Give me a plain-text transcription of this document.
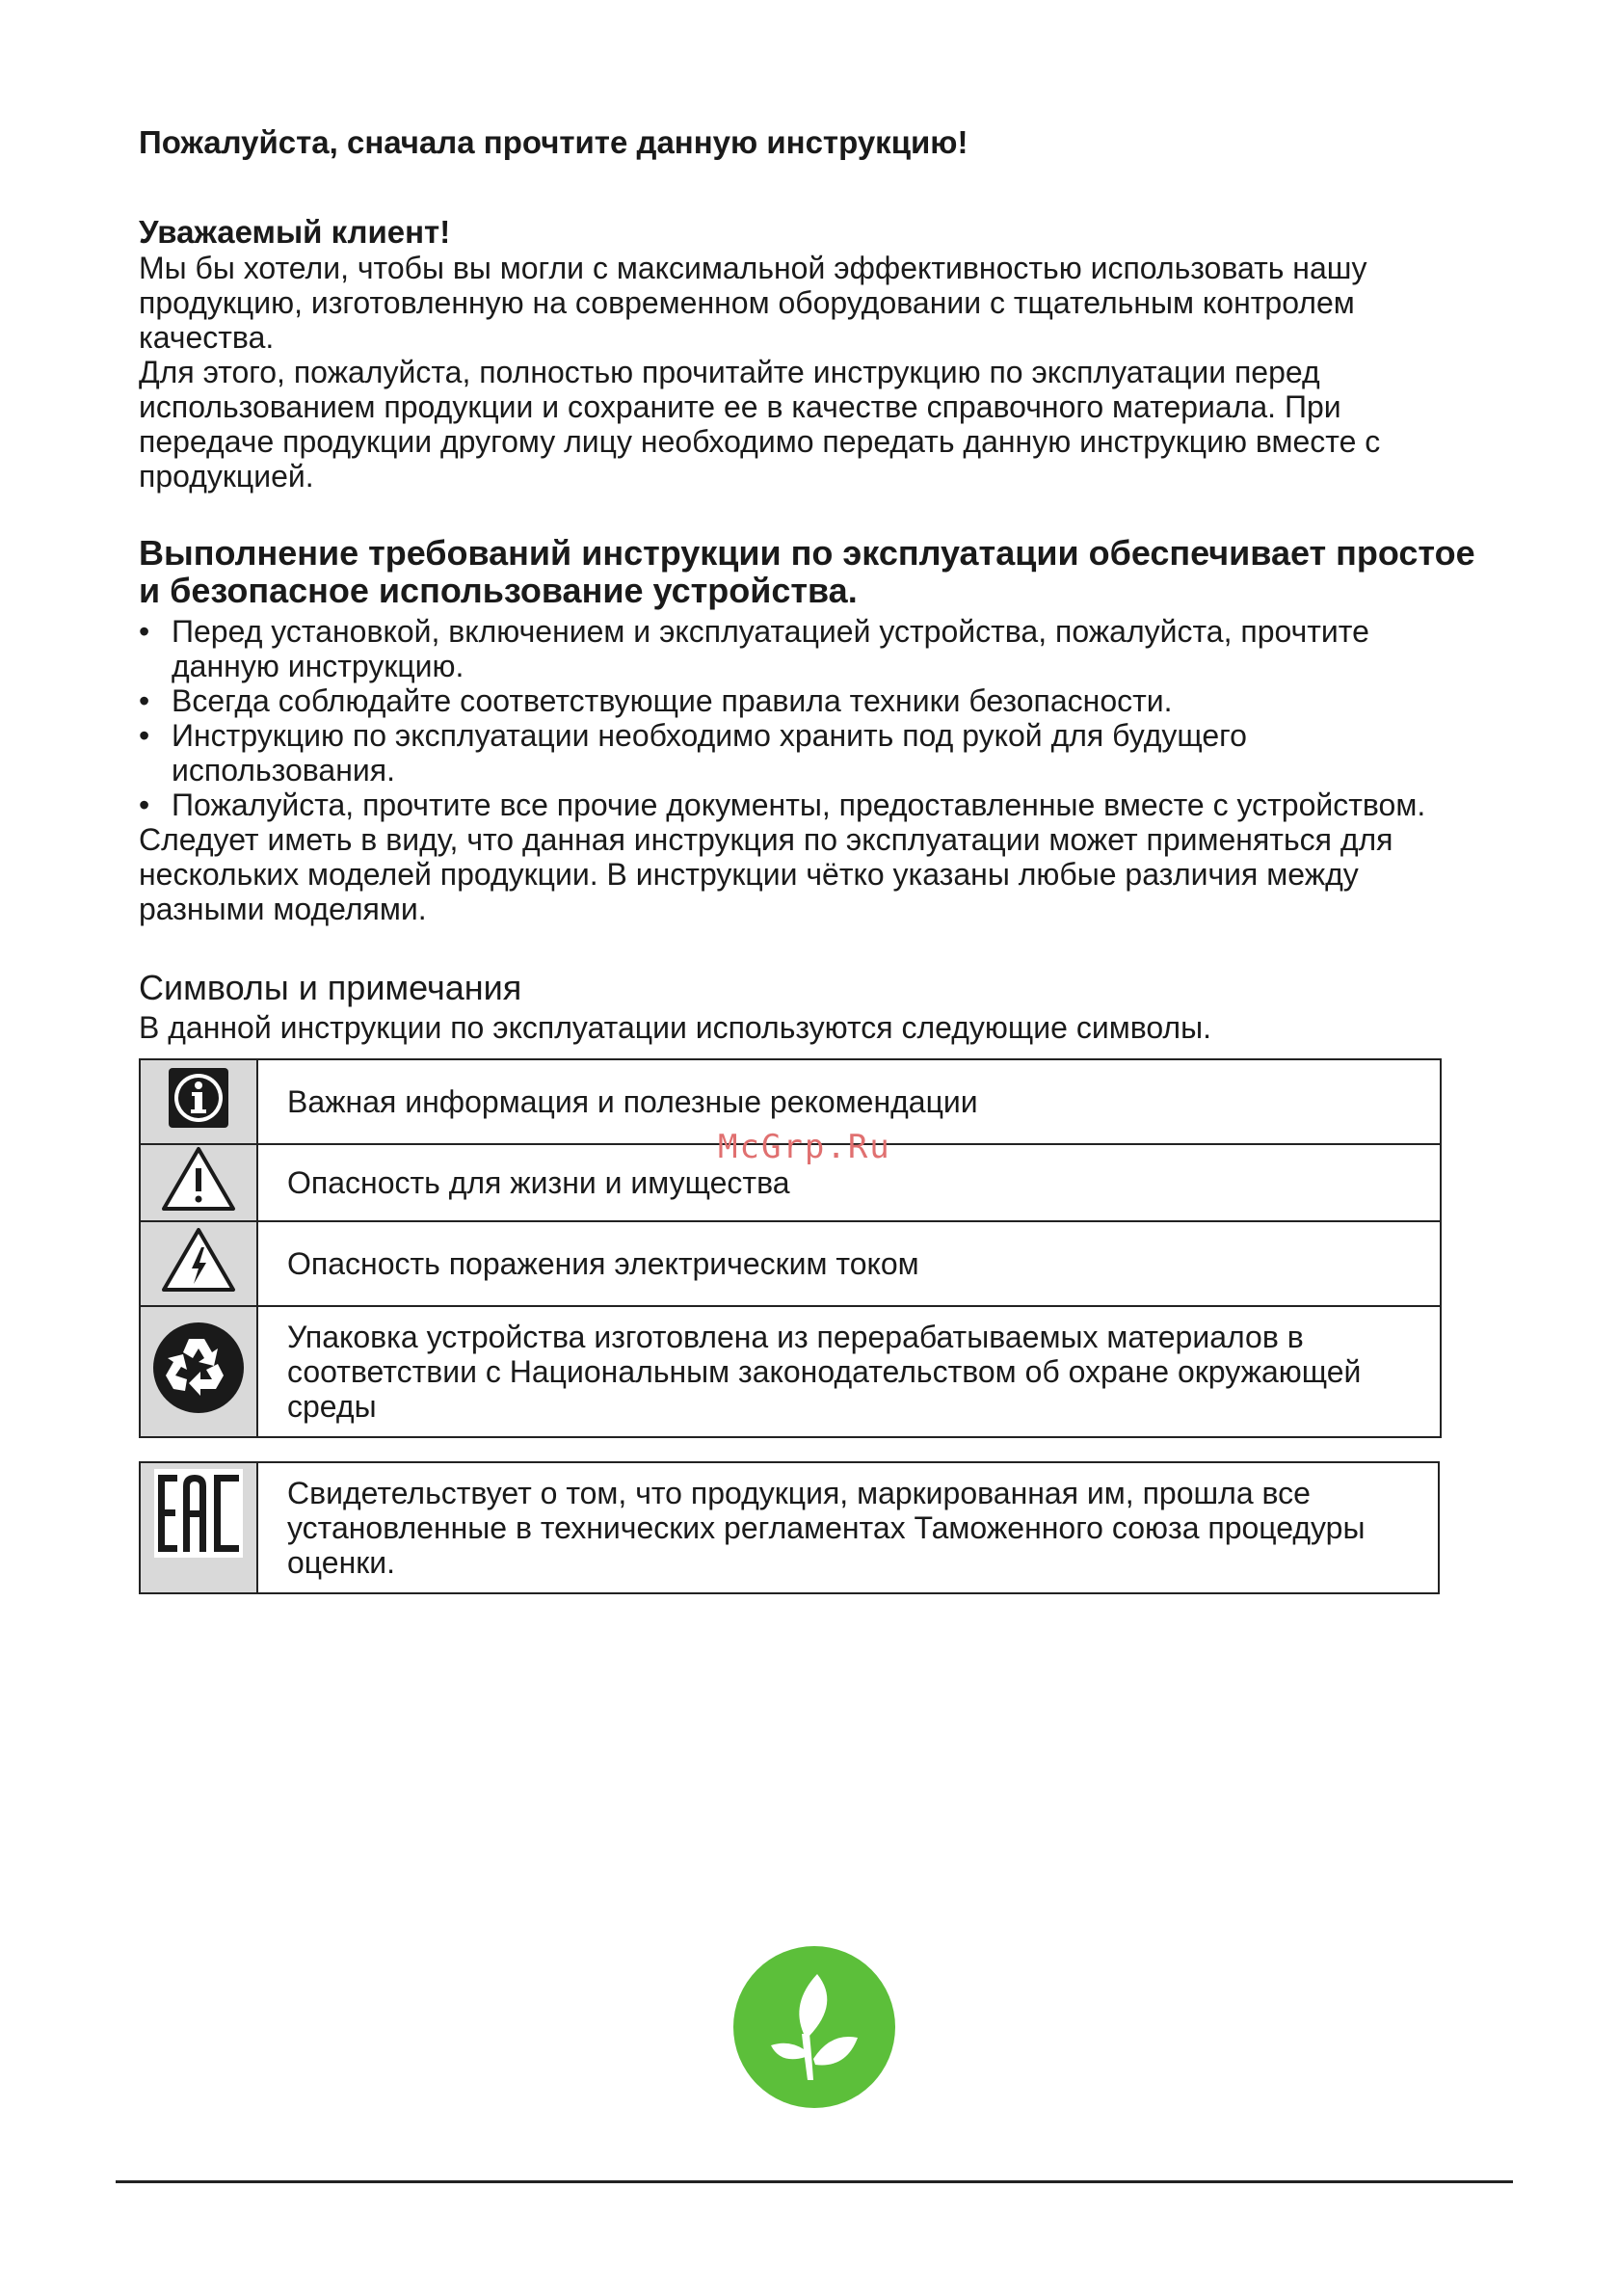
Пожалуйста, сначала прочтите данную инструкцию!
Уважаемый клиент!

Мы бы хотели, чтобы вы могли с максимальной эффективностью использовать нашу продукцию, изготовленную на современном оборудовании с тщательным контролем качества.

Для этого, пожалуйста, полностью прочитайте инструкцию по эксплуатации перед использованием продукции и сохраните ее в качестве справочного материала. При передаче продукции другому лицу необходимо передать данную инструкцию вместе с продукцией.

Выполнение требований инструкции по эксплуатации обеспечивает простое и безопасное использование устройства.
• Перед установкой, включением и эксплуатацией устройства, пожалуйста, прочтите данную инструкцию.
• Всегда соблюдайте соответствующие правила техники безопасности.
• Инструкцию по эксплуатации необходимо хранить под рукой для будущего использования.
• Пожалуйста, прочтите все прочие документы, предоставленные вместе с устройством.

Следует иметь в виду, что данная инструкция по эксплуатации может применяться для нескольких моделей продукции. В инструкции чётко указаны любые различия между разными моделями.

Символы и примечания

В данной инструкции по эксплуатации используются следующие символы.

	Важная информация и полезные рекомендации
	Опасность для жизни и имущества
	Опасность поражения электрическим током
	Упаковка устройства изготовлена из перерабатываемых материалов в соответствии с Национальным законодательством об охране окружающей среды
	Свидетельствует о том, что продукция, маркированная им, прошла все установленные в технических регламентах Таможенного союза процедуры оценки.
McGrp.Ru
